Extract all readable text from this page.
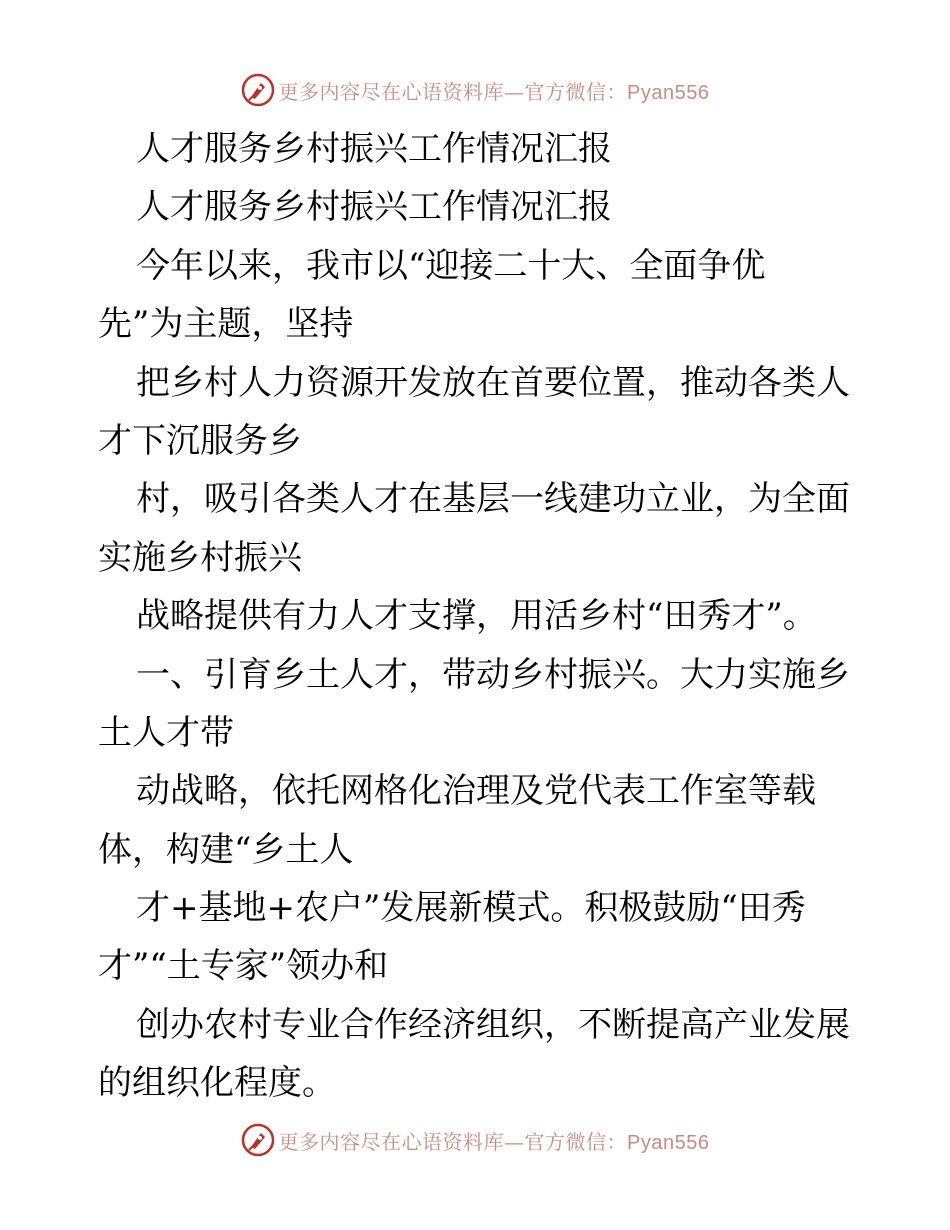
更多内容尽在心语资料库—官方微信：Pyan556
人才服务乡村振兴工作情况汇报
人才服务乡村振兴工作情况汇报
今年以来，我市以“迎接二十大、全面争优
先”为主题，坚持
把乡村人力资源开发放在首要位置，推动各类人
才下沉服务乡
村，吸引各类人才在基层一线建功立业，为全面
实施乡村振兴
战略提供有力人才支撑，用活乡村“田秀才”。
一、引育乡土人才，带动乡村振兴。大力实施乡
土人才带
动战略，依托网格化治理及党代表工作室等载
体，构建“乡土人
才+基地+农户”发展新模式。积极鼓励“田秀
才”“土专家”领办和
创办农村专业合作经济组织，不断提高产业发展
的组织化程度。
更多内容尽在心语资料库—官方微信：Pyan556
